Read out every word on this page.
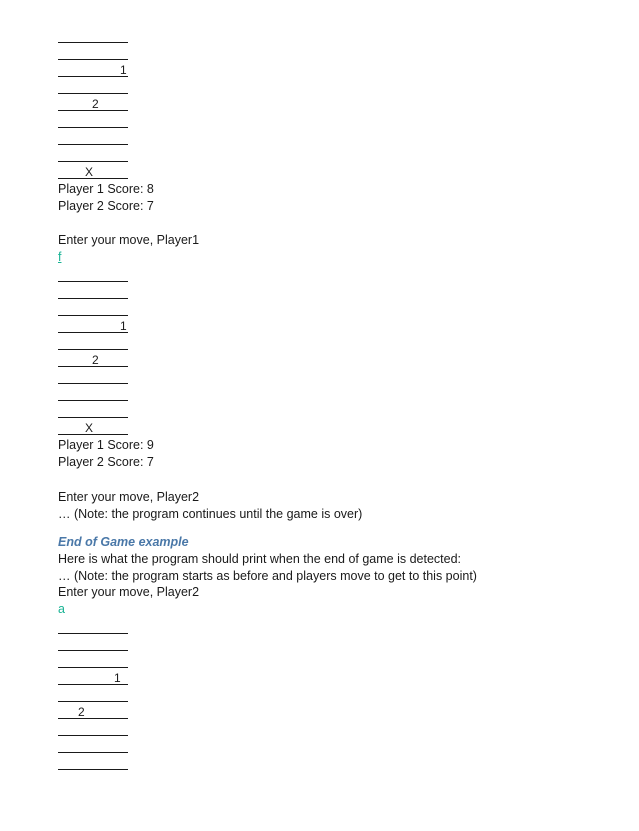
1
2
X
Player 1 Score: 8
Player 2 Score: 7
Enter your move, Player1
f
1
2
X
Player 1 Score: 9
Player 2 Score: 7
Enter your move, Player2
… (Note: the program continues until the game is over)
End of Game example
Here is what the program should print when the end of game is detected:
… (Note: the program starts as before and players move to get to this point)
Enter your move, Player2
a
1
2
